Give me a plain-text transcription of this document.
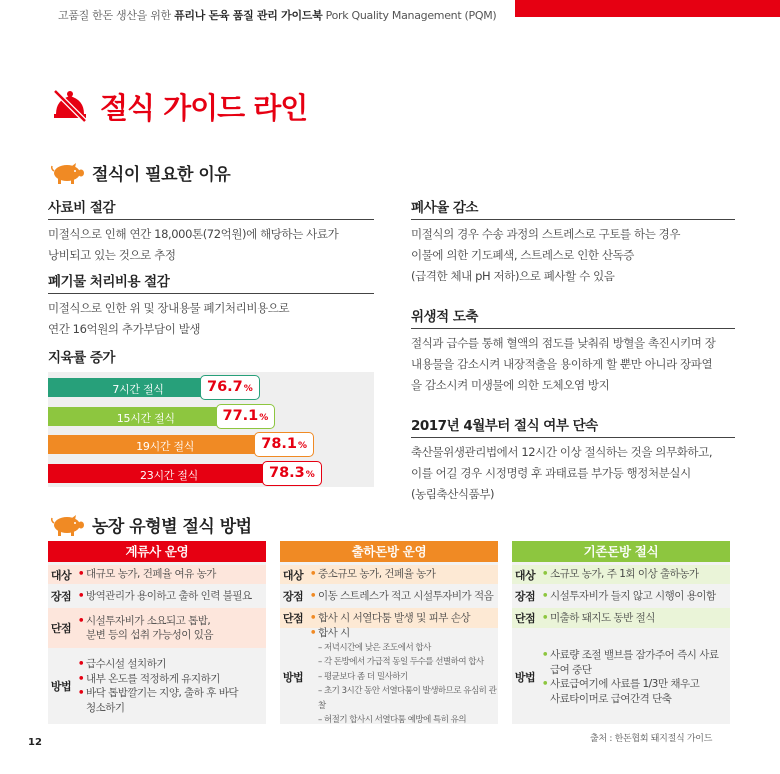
고품질 한돈 생산을 위한 퓨리나 돈육 품질 관리 가이드북 Pork Quality Management (PQM)
절식 가이드 라인
절식이 필요한 이유
사료비 절감
미절식으로 인해 연간 18,000톤(72억원)에 해당하는 사료가
낭비되고 있는 것으로 추정
폐기물 처리비용 절감
미절식으로 인한 위 및 장내용물 폐기처리비용으로
연간 16억원의 추가부담이 발생
지육률 증가
7시간 절식	76.7 %
15시간 절식	77.1 %
19시간 절식	78.1 %
23시간 절식	78.3 %
폐사율 감소
미절식의 경우 수송 과정의 스트레스로 구토를 하는 경우
이물에 의한 기도폐색, 스트레스로 인한 산독증
(급격한 체내 pH 저하)으로 폐사할 수 있음
위생적 도축
절식과 급수를 통해 혈액의 점도를 낮춰줘 방혈을 촉진시키며 장
내용물을 감소시켜 내장적출을 용이하게 할 뿐만 아니라 장파열
을 감소시켜 미생물에 의한 도체오염 방지
2017년 4월부터 절식 여부 단속
축산물위생관리법에서 12시간 이상 절식하는 것을 의무화하고,
이를 어길 경우 시정명령 후 과태료를 부가등 행정처분실시
(농림축산식품부)
농장 유형별 절식 방법
계류사 운영
대상 • 대규모 농가, 건페율 여유 농가
장점 • 방역관리가 용이하고 출하 인력 불필요
단점
• 시설투자비가 소요되고 톱밥,
분변 등의 섭취 가능성이 있음
방법
• 급수시설 설치하기
• 내부 온도를 적정하게 유지하기
• 바닥 톱밥깔기는 지양, 출하 후 바닥
청소하기
출하돈방 운영
대상 • 중소규모 농가, 건페율 농가
장점 • 이동 스트레스가 적고 시설투자비가 적음
단점 • 합사 시 서열다툼 발생 및 피부 손상
방법
• 합사 시
– 저녁시간에 낮은 조도에서 합사
– 각 돈방에서 가급적 동일 두수를 선별하여 합사
– 평균보다 좀 더 밀사하기
– 초기 3시간 동안 서열다툼이 발생하므로 유심히 관찰
– 허절기 합사시 서열다툼 예방에 특히 유의
기존돈방 절식
대상 • 소규모 농가, 주 1회 이상 출하농가
장점 • 시설투자비가 들지 않고 시행이 용이함
단점 • 미출하 돼지도 동반 절식
방법
• 사료량 조절 밸브를 잠가주어 즉시 사료
급여 중단
• 사료급여기에 사료를 1/3만 채우고
사료타이머로 급여간격 단축
출처 : 한돈협회 돼지절식 가이드
12
